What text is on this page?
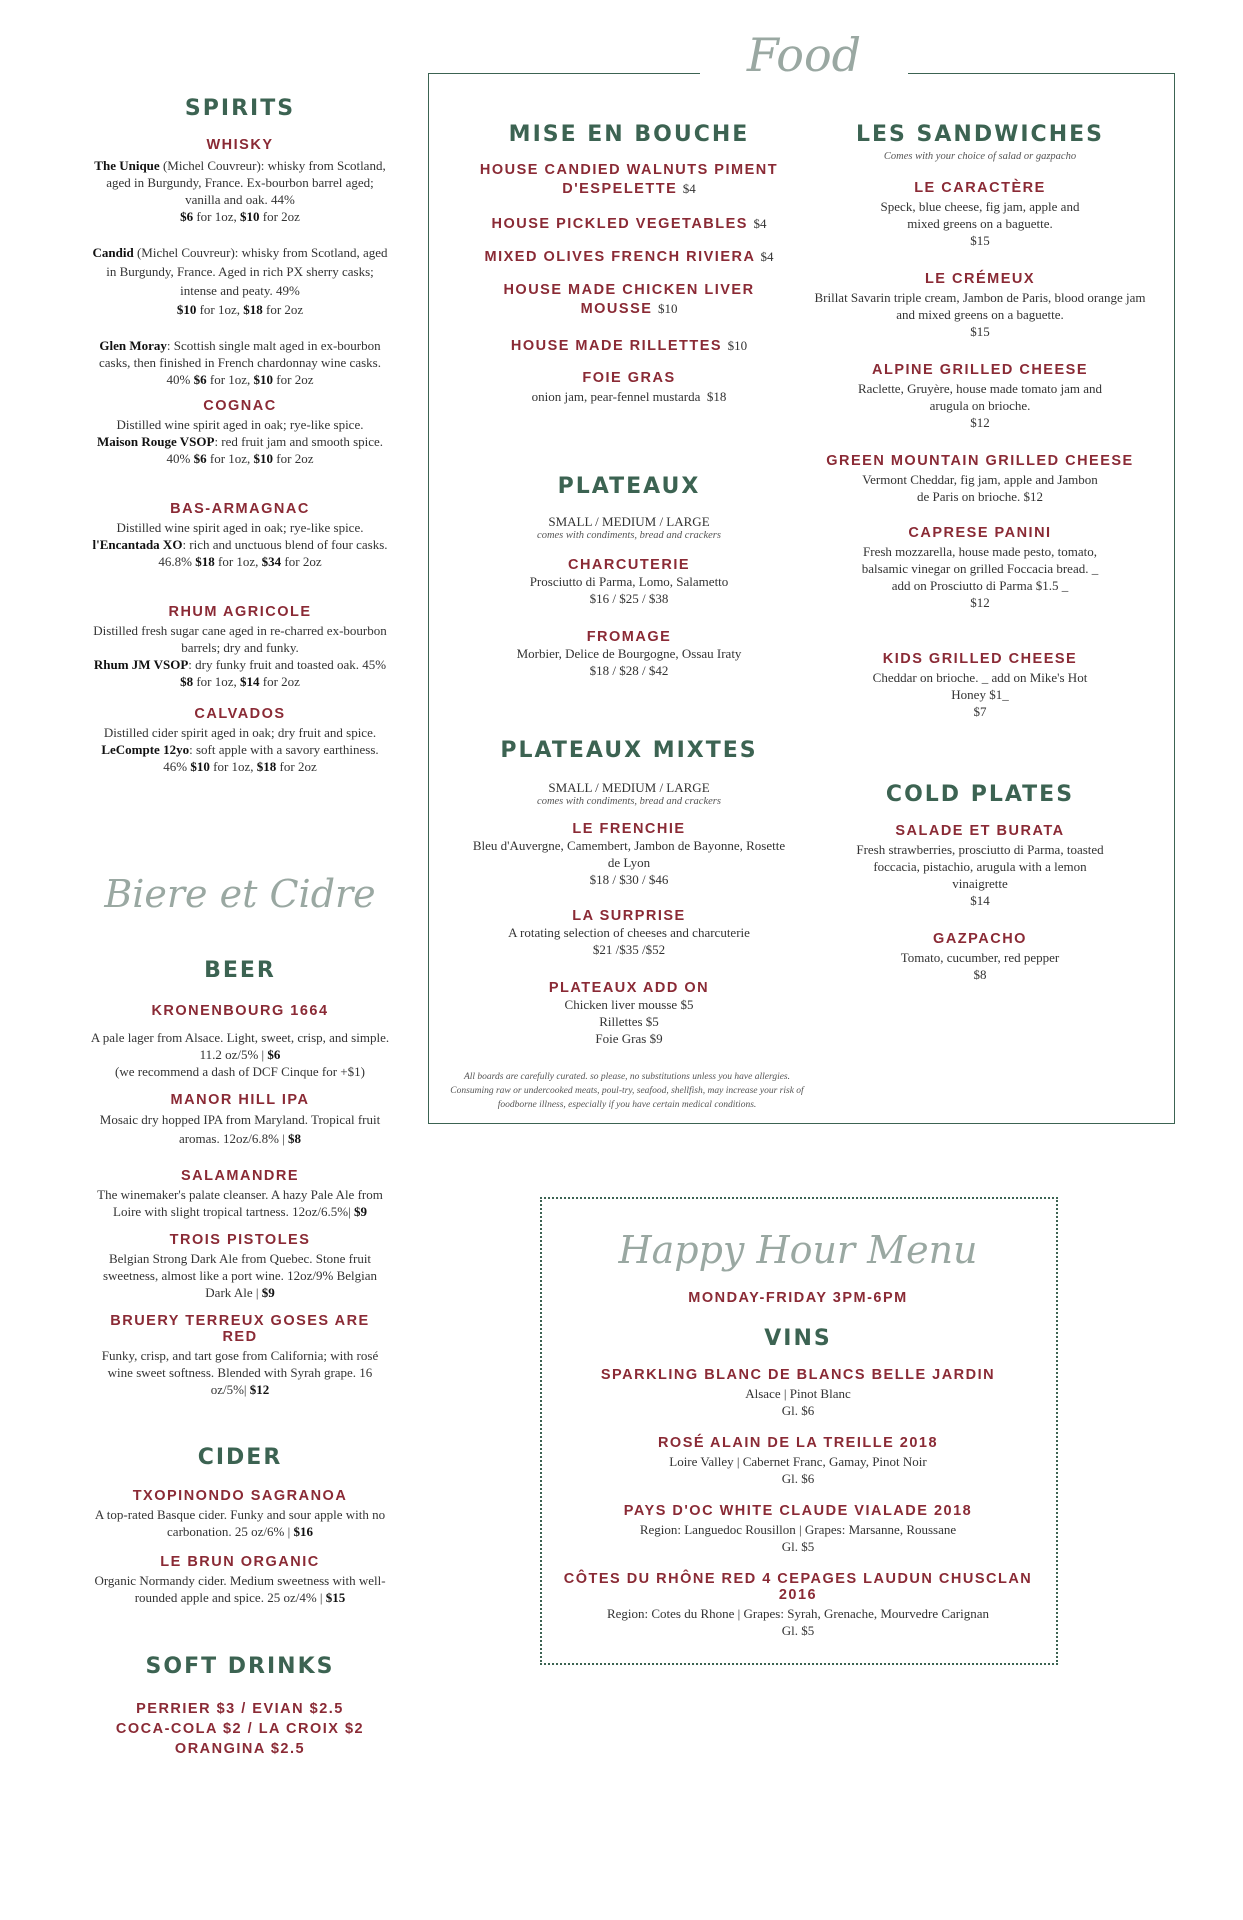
SPIRITS
WHISKY
The Unique (Michel Couvreur): whisky from Scotland, aged in Burgundy, France. Ex-bourbon barrel aged; vanilla and oak. 44%
$6 for 1oz, $10 for 2oz
Candid (Michel Couvreur): whisky from Scotland, aged in Burgundy, France. Aged in rich PX sherry casks; intense and peaty. 49%
$10 for 1oz, $18 for 2oz
Glen Moray: Scottish single malt aged in ex-bourbon casks, then finished in French chardonnay wine casks. 40% $6 for 1oz, $10 for 2oz
COGNAC
Distilled wine spirit aged in oak; rye-like spice.
Maison Rouge VSOP: red fruit jam and smooth spice. 40% $6 for 1oz, $10 for 2oz
BAS-ARMAGNAC
Distilled wine spirit aged in oak; rye-like spice.
l'Encantada XO: rich and unctuous blend of four casks. 46.8% $18 for 1oz, $34 for 2oz
RHUM AGRICOLE
Distilled fresh sugar cane aged in re-charred ex-bourbon barrels; dry and funky.
Rhum JM VSOP: dry funky fruit and toasted oak. 45% $8 for 1oz, $14 for 2oz
CALVADOS
Distilled cider spirit aged in oak; dry fruit and spice.
LeCompte 12yo: soft apple with a savory earthiness. 46% $10 for 1oz, $18 for 2oz
Biere et Cidre
BEER
KRONENBOURG 1664
A pale lager from Alsace. Light, sweet, crisp, and simple. 11.2 oz/5% | $6
(we recommend a dash of DCF Cinque for +$1)
MANOR HILL IPA
Mosaic dry hopped IPA from Maryland. Tropical fruit aromas. 12oz/6.8% | $8
SALAMANDRE
The winemaker's palate cleanser. A hazy Pale Ale from Loire with slight tropical tartness. 12oz/6.5%| $9
TROIS PISTOLES
Belgian Strong Dark Ale from Quebec. Stone fruit sweetness, almost like a port wine. 12oz/9% Belgian Dark Ale | $9
BRUERY TERREUX GOSES ARE RED
Funky, crisp, and tart gose from California; with rosé wine sweet softness. Blended with Syrah grape. 16 oz/5%| $12
CIDER
TXOPINONDO SAGRANOA
A top-rated Basque cider. Funky and sour apple with no carbonation. 25 oz/6% | $16
LE BRUN ORGANIC
Organic Normandy cider. Medium sweetness with well-rounded apple and spice. 25 oz/4% | $15
SOFT DRINKS
PERRIER $3 / EVIAN $2.5
COCA-COLA $2 / LA CROIX $2
ORANGINA $2.5
Food
MISE EN BOUCHE
HOUSE CANDIED WALNUTS PIMENT D'ESPELETTE $4
HOUSE PICKLED VEGETABLES $4
MIXED OLIVES FRENCH RIVIERA $4
HOUSE MADE CHICKEN LIVER MOUSSE $10
HOUSE MADE RILLETTES $10
FOIE GRAS
onion jam, pear-fennel mustarda $18
PLATEAUX
SMALL / MEDIUM / LARGE
comes with condiments, bread and crackers
CHARCUTERIE
Prosciutto di Parma, Lomo, Salametto
$16 / $25 / $38
FROMAGE
Morbier, Delice de Bourgogne, Ossau Iraty
$18 / $28 / $42
PLATEAUX MIXTES
SMALL / MEDIUM / LARGE
comes with condiments, bread and crackers
LE FRENCHIE
Bleu d'Auvergne, Camembert, Jambon de Bayonne, Rosette de Lyon
$18 / $30 / $46
LA SURPRISE
A rotating selection of cheeses and charcuterie
$21 /$35 /$52
PLATEAUX ADD ON
Chicken liver mousse $5
Rillettes $5
Foie Gras $9
All boards are carefully curated. so please, no substitutions unless you have allergies. Consuming raw or undercooked meats, poul-try, seafood, shellfish, may increase your risk of foodborne illness, especially if you have certain medical conditions.
LES SANDWICHES
Comes with your choice of salad or gazpacho
LE CARACTÈRE
Speck, blue cheese, fig jam, apple and mixed greens on a baguette.
$15
LE CRÉMEUX
Brillat Savarin triple cream, Jambon de Paris, blood orange jam and mixed greens on a baguette.
$15
ALPINE GRILLED CHEESE
Raclette, Gruyère, house made tomato jam and arugula on brioche.
$12
GREEN MOUNTAIN GRILLED CHEESE
Vermont Cheddar, fig jam, apple and Jambon de Paris on brioche. $12
CAPRESE PANINI
Fresh mozzarella, house made pesto, tomato, balsamic vinegar on grilled Foccacia bread. _ add on Prosciutto di Parma $1.5 _
$12
KIDS GRILLED CHEESE
Cheddar on brioche. _ add on Mike's Hot Honey $1_
$7
COLD PLATES
SALADE ET BURATA
Fresh strawberries, prosciutto di Parma, toasted foccacia, pistachio, arugula with a lemon vinaigrette
$14
GAZPACHO
Tomato, cucumber, red pepper
$8
Happy Hour Menu
MONDAY-FRIDAY 3PM-6PM
VINS
SPARKLING BLANC DE BLANCS BELLE JARDIN
Alsace | Pinot Blanc
Gl. $6
ROSÉ ALAIN DE LA TREILLE 2018
Loire Valley | Cabernet Franc, Gamay, Pinot Noir
Gl. $6
PAYS D'OC WHITE CLAUDE VIALADE 2018
Region: Languedoc Rousillon | Grapes: Marsanne, Roussane
Gl. $5
CÔTES DU RHÔNE RED 4 CEPAGES LAUDUN CHUSCLAN 2016
Region: Cotes du Rhone | Grapes: Syrah, Grenache, Mourvedre Carignan
Gl. $5
